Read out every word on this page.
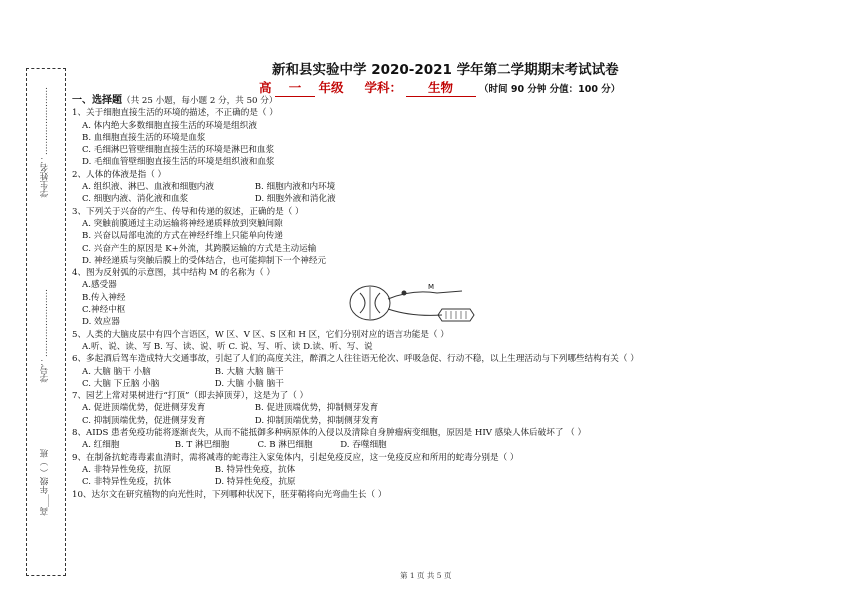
学生姓名：……………………
学号：……………………
高___年级（ ）班
新和县实验中学 2020-2021 学年第二学期期末考试试卷
高 一 年级 学科： 生物	（时间 90 分钟 分值：100 分）
一、选择题（共 25 小题，每小题 2 分，共 50 分）
1、关于细胞直接生活的环境的描述，不正确的是（ ）
A. 体内绝大多数细胞直接生活的环境是组织液
B. 血细胞直接生活的环境是血浆
C. 毛细淋巴管壁细胞直接生活的环境是淋巴和血浆
D. 毛细血管壁细胞直接生活的环境是组织液和血浆
2、人体的体液是指（ ）
A. 组织液、淋巴、血液和细胞内液	B. 细胞内液和内环境
C. 细胞内液、消化液和血浆	D. 细胞外液和消化液
3、下列关于兴奋的产生、传导和传递的叙述，正确的是（ ）
A. 突触前膜通过主动运输将神经递质释放到突触间隙
B. 兴奋以局部电流的方式在神经纤维上只能单向传递
C. 兴奋产生的原因是 K+外流，其跨膜运输的方式是主动运输
D. 神经递质与突触后膜上的受体结合，也可能抑制下一个神经元
4、图为反射弧的示意图，其中结构 M 的名称为（ ）
A.感受器
B.传入神经
C.神经中枢
D. 效应器
M
5、人类的大脑皮层中有四个言语区，W 区、V 区、S 区和 H 区，它们分别对应的语言功能是（ ）
A.听、说、读、写 B. 写、读、说、听 C. 说、写、听、读 D.读、听、写、说
6、多起酒后驾车造成特大交通事故，引起了人们的高度关注，醉酒之人往往语无伦次、呼吸急促、行动不稳，以上生理活动与下列哪些结构有关（ ）
A. 大脑 脑干 小脑	B. 大脑 大脑 脑干
C. 大脑 下丘脑 小脑	D. 大脑 小脑 脑干
7、园艺上常对果树进行“打顶”（即去掉顶芽），这是为了（ ）
A. 促进顶端优势，促进侧芽发育	B. 促进顶端优势，抑制侧芽发育
C. 抑制顶端优势，促进侧芽发育	D. 抑制顶端优势，抑制侧芽发育
8、AIDS 患者免疫功能将逐渐丧失，从而不能抵御多种病原体的入侵以及清除自身肿瘤病变细胞，原因是 HIV 感染人体后破坏了 （ ）
A. 红细胞	B. T 淋巴细胞	C. B 淋巴细胞	D. 吞噬细胞
9、在制备抗蛇毒毒素血清时，需将减毒的蛇毒注入家兔体内，引起免疫反应，这一免疫反应和所用的蛇毒分别是（ ）
A. 非特异性免疫，抗原	B. 特异性免疫，抗体
C. 非特异性免疫，抗体	D. 特异性免疫，抗原
10、达尔文在研究植物的向光性时，下列哪种状况下，胚芽鞘将向光弯曲生长（ ）
第 1 页 共 5 页
